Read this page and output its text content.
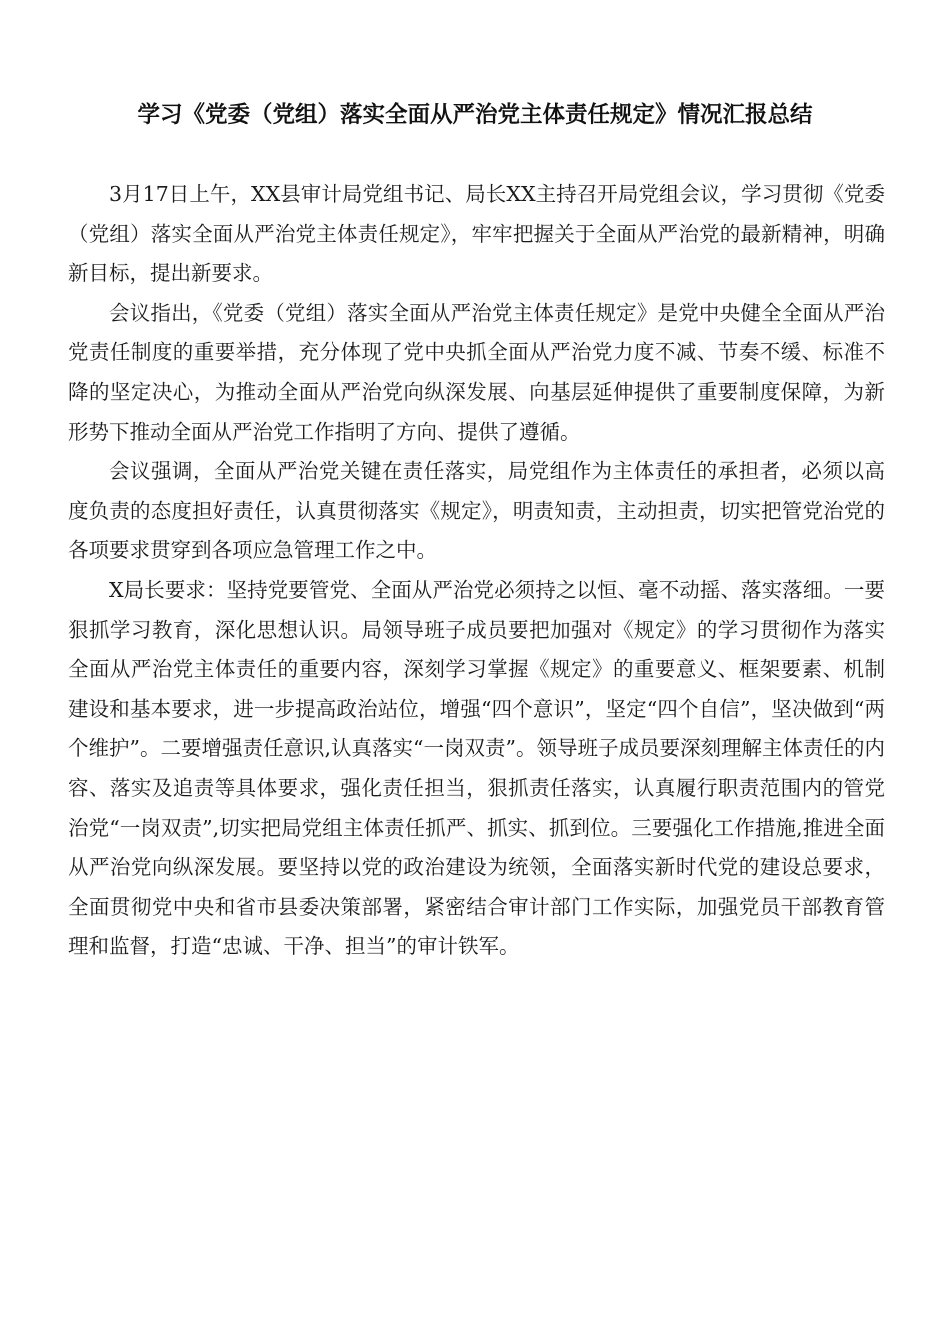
学习《党委（党组）落实全面从严治党主体责任规定》情况汇报总结

3月17日上午，XX县审计局党组书记、局长XX主持召开局党组会议，学习贯彻《党委（党组）落实全面从严治党主体责任规定》，牢牢把握关于全面从严治党的最新精神，明确新目标，提出新要求。

会议指出，《党委（党组）落实全面从严治党主体责任规定》是党中央健全全面从严治党责任制度的重要举措，充分体现了党中央抓全面从严治党力度不减、节奏不缓、标准不降的坚定决心，为推动全面从严治党向纵深发展、向基层延伸提供了重要制度保障，为新形势下推动全面从严治党工作指明了方向、提供了遵循。

会议强调，全面从严治党关键在责任落实，局党组作为主体责任的承担者，必须以高度负责的态度担好责任，认真贯彻落实《规定》，明责知责，主动担责，切实把管党治党的各项要求贯穿到各项应急管理工作之中。

X局长要求：坚持党要管党、全面从严治党必须持之以恒、毫不动摇、落实落细。一要狠抓学习教育，深化思想认识。局领导班子成员要把加强对《规定》的学习贯彻作为落实全面从严治党主体责任的重要内容，深刻学习掌握《规定》的重要意义、框架要素、机制建设和基本要求，进一步提高政治站位，增强“四个意识”，坚定“四个自信”，坚决做到“两个维护”。二要增强责任意识,认真落实“一岗双责”。领导班子成员要深刻理解主体责任的内容、落实及追责等具体要求，强化责任担当，狠抓责任落实，认真履行职责范围内的管党治党“一岗双责”,切实把局党组主体责任抓严、抓实、抓到位。三要强化工作措施,推进全面从严治党向纵深发展。要坚持以党的政治建设为统领，全面落实新时代党的建设总要求，全面贯彻党中央和省市县委决策部署，紧密结合审计部门工作实际，加强党员干部教育管理和监督，打造“忠诚、干净、担当”的审计铁军。
